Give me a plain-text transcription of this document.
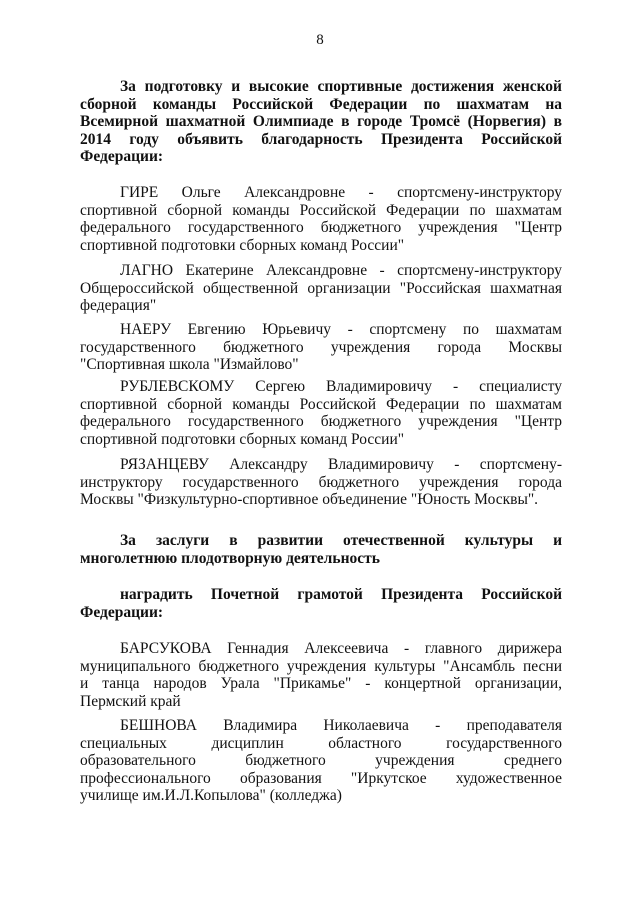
8
За подготовку и высокие спортивные достижения женской
сборной команды Российской Федерации по шахматам на
Всемирной шахматной Олимпиаде в городе Тромсё (Норвегия) в
2014 году объявить благодарность Президента Российской
Федерации:
ГИРЕ Ольге Александровне - спортсмену-инструктору
спортивной сборной команды Российской Федерации по шахматам
федерального государственного бюджетного учреждения "Центр
спортивной подготовки сборных команд России"
ЛАГНО Екатерине Александровне - спортсмену-инструктору
Общероссийской общественной организации "Российская шахматная
федерация"
НАЕРУ Евгению Юрьевичу - спортсмену по шахматам
государственного бюджетного учреждения города Москвы
"Спортивная школа "Измайлово"
РУБЛЕВСКОМУ Сергею Владимировичу - специалисту
спортивной сборной команды Российской Федерации по шахматам
федерального государственного бюджетного учреждения "Центр
спортивной подготовки сборных команд России"
РЯЗАНЦЕВУ Александру Владимировичу - спортсмену-
инструктору государственного бюджетного учреждения города
Москвы "Физкультурно-спортивное объединение "Юность Москвы".
За заслуги в развитии отечественной культуры и
многолетнюю плодотворную деятельность
наградить Почетной грамотой Президента Российской
Федерации:
БАРСУКОВА Геннадия Алексеевича - главного дирижера
муниципального бюджетного учреждения культуры "Ансамбль песни
и танца народов Урала "Прикамье" - концертной организации,
Пермский край
БЕШНОВА Владимира Николаевича - преподавателя
специальных дисциплин областного государственного
образовательного бюджетного учреждения среднего
профессионального образования "Иркутское художественное
училище им.И.Л.Копылова" (колледжа)
